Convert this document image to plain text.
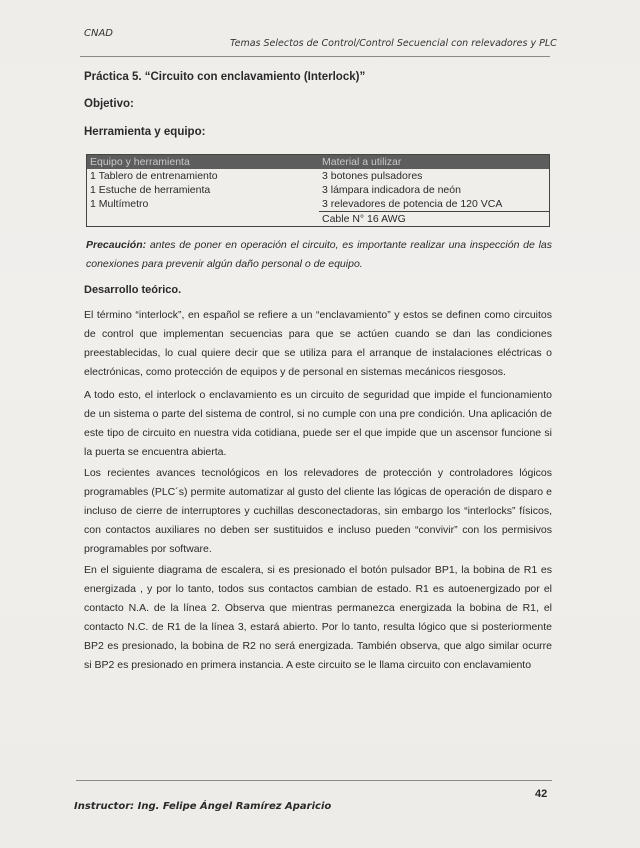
CNAD
Temas Selectos de Control/Control Secuencial con relevadores y PLC
Práctica 5. “Circuito con enclavamiento (Interlock)”
Objetivo:
Herramienta y equipo:
Equipo y herramienta	Material a utilizar
1 Tablero de entrenamiento	3 botones pulsadores
1 Estuche de herramienta	3 lámpara indicadora de neón
1 Multímetro	3 relevadores de potencia de 120 VCA
	Cable N° 16 AWG
Precaución: antes de poner en operación el circuito, es importante realizar una inspección de las conexiones para prevenir algún daño personal o de equipo.
Desarrollo teórico.

El término “interlock”, en español se refiere a un “enclavamiento” y estos se definen como circuitos de control que implementan secuencias para que se actúen cuando se dan las condiciones preestablecidas, lo cual quiere decir que se utiliza para el arranque de instalaciones eléctricas o electrónicas, como protección de equipos y de personal en sistemas mecánicos riesgosos.

A todo esto, el interlock o enclavamiento es un circuito de seguridad que impide el funcionamiento de un sistema o parte del sistema de control, si no cumple con una pre condición. Una aplicación de este tipo de circuito en nuestra vida cotidiana, puede ser el que impide que un ascensor funcione si la puerta se encuentra abierta.

Los recientes avances tecnológicos en los relevadores de protección y controladores lógicos programables (PLC´s) permite automatizar al gusto del cliente las lógicas de operación de disparo e incluso de cierre de interruptores y cuchillas desconectadoras, sin embargo los “interlocks” físicos, con contactos auxiliares no deben ser sustituidos e incluso pueden “convivir” con los permisivos programables por software.

En el siguiente diagrama de escalera, si es presionado el botón pulsador BP1, la bobina de R1 es energizada , y por lo tanto, todos sus contactos cambian de estado. R1 es autoenergizado por el contacto N.A. de la línea 2. Observa que mientras permanezca energizada la bobina de R1, el contacto N.C. de R1 de la línea 3, estará abierto. Por lo tanto, resulta lógico que si posteriormente BP2 es presionado, la bobina de R2 no será energizada. También observa, que algo similar ocurre si BP2 es presionado en primera instancia. A este circuito se le llama circuito con enclavamiento

42
Instructor: Ing. Felipe Ángel Ramírez Aparicio
